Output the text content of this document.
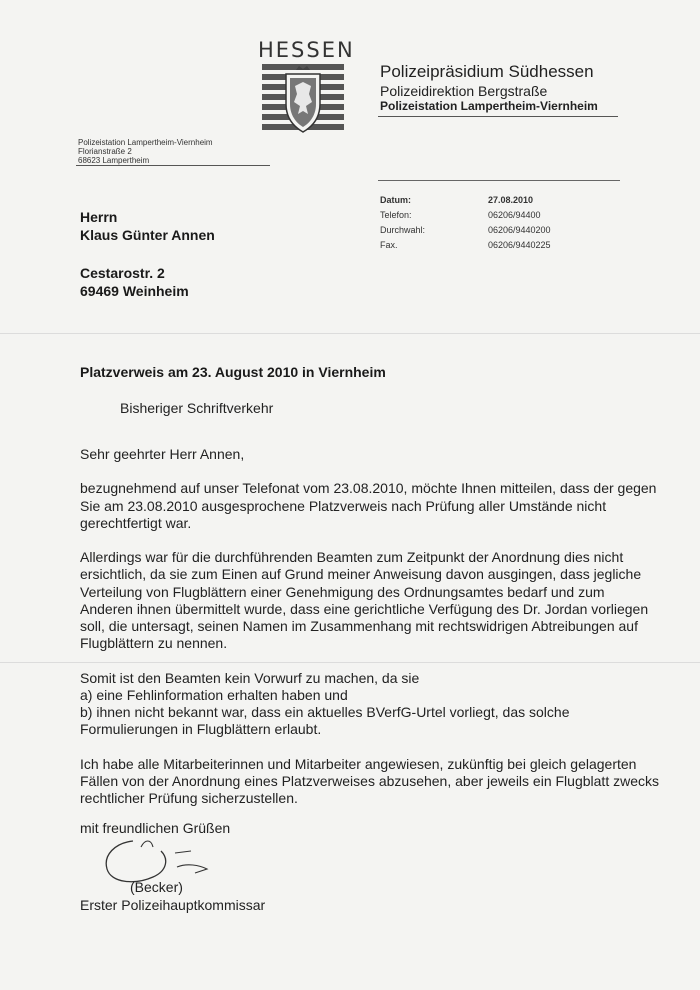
HESSEN
Polizeipräsidium Südhessen
Polizeidirektion Bergstraße
Polizeistation Lampertheim-Viernheim
Polizeistation Lampertheim-Viernheim
Florianstraße 2
68623 Lampertheim
Datum:	27.08.2010
Telefon:	06206/94400
Durchwahl:	06206/9440200
Fax.	06206/9440225
Herrn
Klaus Günter Annen
Cestarostr. 2
69469 Weinheim
Platzverweis am 23. August 2010 in Viernheim
Bisheriger Schriftverkehr

Sehr geehrter Herr Annen,

bezugnehmend auf unser Telefonat vom 23.08.2010, möchte Ihnen mitteilen, dass der gegen Sie am 23.08.2010 ausgesprochene Platzverweis nach Prüfung aller Umstände nicht gerechtfertigt war.

Allerdings war für die durchführenden Beamten zum Zeitpunkt der Anordnung dies nicht ersichtlich, da sie zum Einen auf Grund meiner Anweisung davon ausgingen, dass jegliche Verteilung von Flugblättern einer Genehmigung des Ordnungsamtes bedarf und zum Anderen ihnen übermittelt wurde, dass eine gerichtliche Verfügung des Dr. Jordan vorliegen soll, die untersagt, seinen Namen im Zusammenhang mit rechtswidrigen Abtreibungen auf Flugblättern zu nennen.

Somit ist den Beamten kein Vorwurf zu machen, da sie

a) eine Fehlinformation erhalten haben und

b) ihnen nicht bekannt war, dass ein aktuelles BVerfG-Urtel vorliegt, das solche Formulierungen in Flugblättern erlaubt.

Ich habe alle Mitarbeiterinnen und Mitarbeiter angewiesen, zukünftig bei gleich gelagerten Fällen von der Anordnung eines Platzverweises abzusehen, aber jeweils ein Flugblatt zwecks rechtlicher Prüfung sicherzustellen.

mit freundlichen Grüßen
(Becker)
Erster Polizeihauptkommissar
